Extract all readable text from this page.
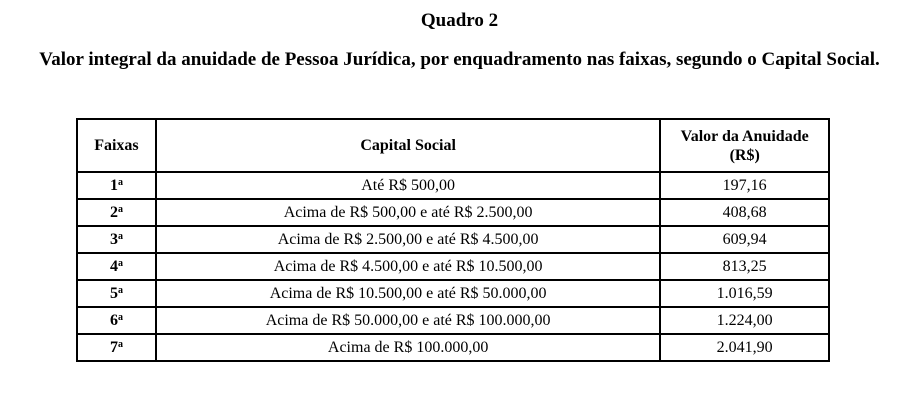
Quadro 2
Valor integral da anuidade de Pessoa Jurídica, por enquadramento nas faixas, segundo o Capital Social.
Faixas	Capital Social	Valor da Anuidade
(R$)
1$^a$	Até R$ 500,00	197,16
2$^a$	Acima de R$ 500,00 e até R$ 2.500,00	408,68
3$^a$	Acima de R$ 2.500,00 e até R$ 4.500,00	609,94
4$^a$	Acima de R$ 4.500,00 e até R$ 10.500,00	813,25
5$^a$	Acima de R$ 10.500,00 e até R$ 50.000,00	1.016,59
6$^a$	Acima de R$ 50.000,00 e até R$ 100.000,00	1.224,00
7$^a$	Acima de R$ 100.000,00	2.041,90
